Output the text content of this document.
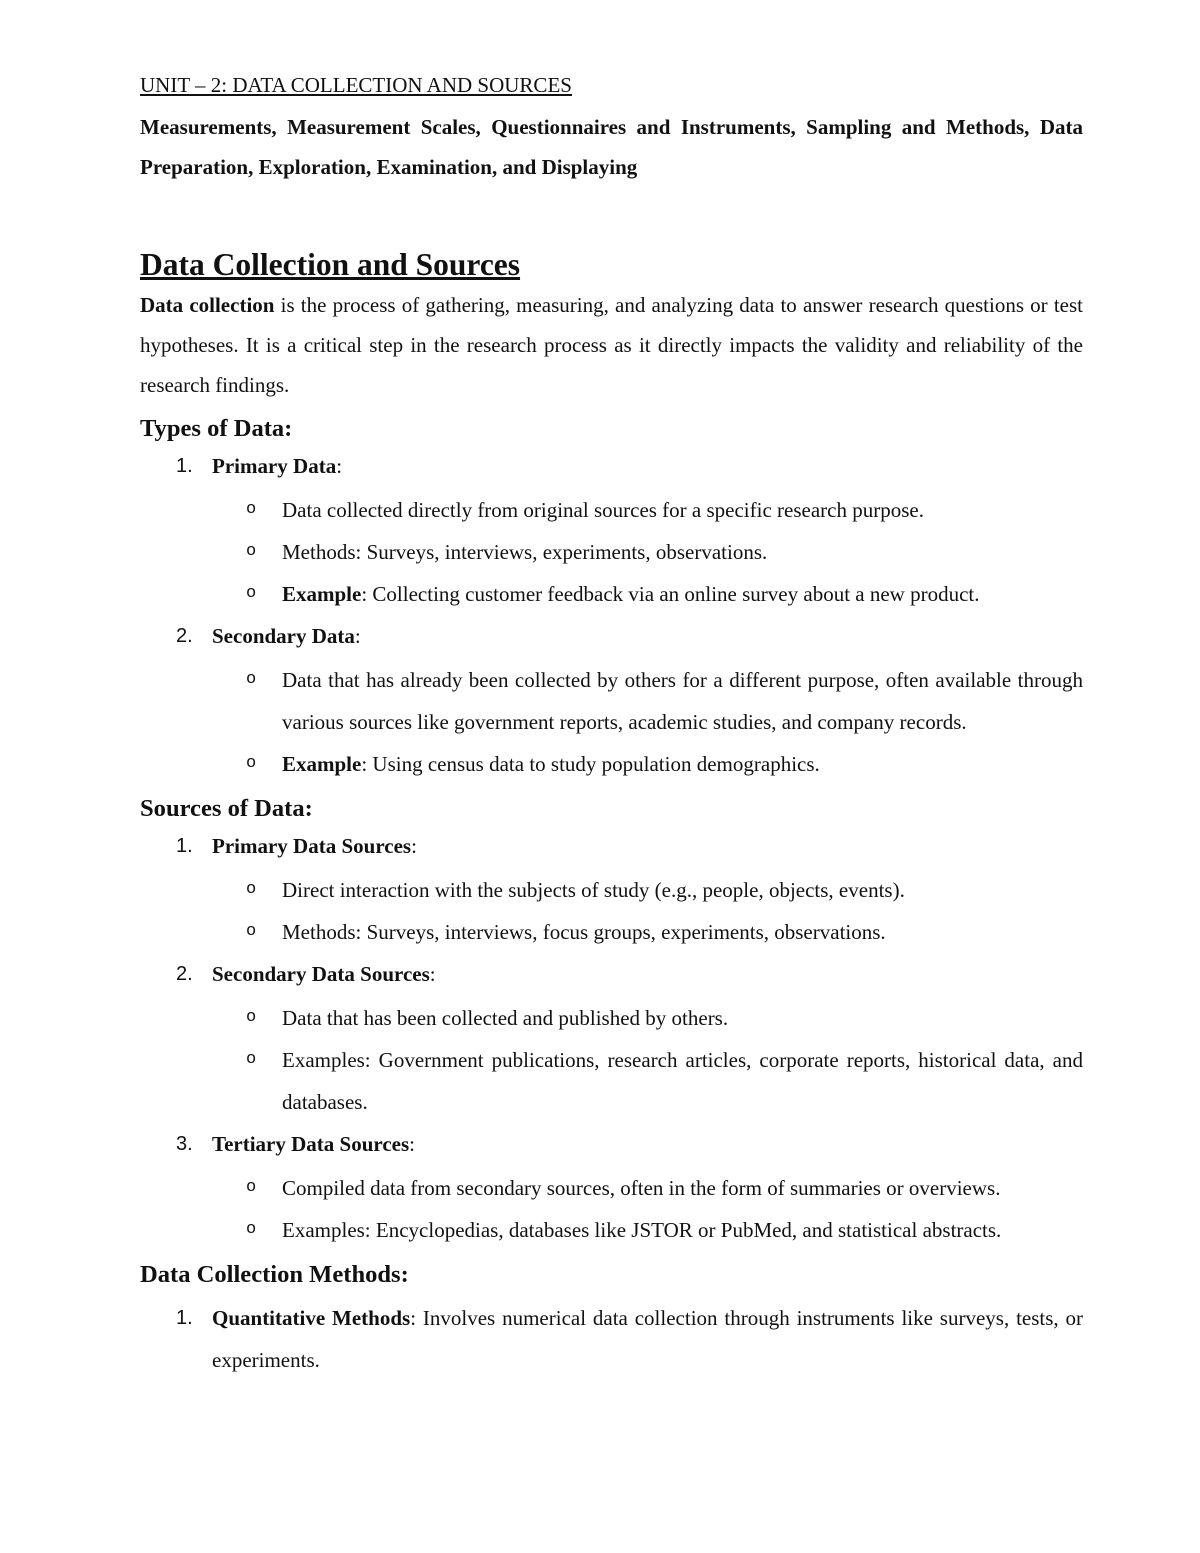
UNIT – 2: DATA COLLECTION AND SOURCES

Measurements, Measurement Scales, Questionnaires and Instruments, Sampling and Methods, Data Preparation, Exploration, Examination, and Displaying

Data Collection and Sources

Data collection is the process of gathering, measuring, and analyzing data to answer research questions or test hypotheses. It is a critical step in the research process as it directly impacts the validity and reliability of the research findings.

Types of Data:
1. Primary Data:
o Data collected directly from original sources for a specific research purpose.
o Methods: Surveys, interviews, experiments, observations.
o Example: Collecting customer feedback via an online survey about a new product.
2. Secondary Data:
o Data that has already been collected by others for a different purpose, often available through various sources like government reports, academic studies, and company records.
o Example: Using census data to study population demographics.
Sources of Data:
1. Primary Data Sources:
o Direct interaction with the subjects of study (e.g., people, objects, events).
o Methods: Surveys, interviews, focus groups, experiments, observations.
2. Secondary Data Sources:
o Data that has been collected and published by others.
o Examples: Government publications, research articles, corporate reports, historical data, and databases.
3. Tertiary Data Sources:
o Compiled data from secondary sources, often in the form of summaries or overviews.
o Examples: Encyclopedias, databases like JSTOR or PubMed, and statistical abstracts.
Data Collection Methods:
1. Quantitative Methods: Involves numerical data collection through instruments like surveys, tests, or experiments.
